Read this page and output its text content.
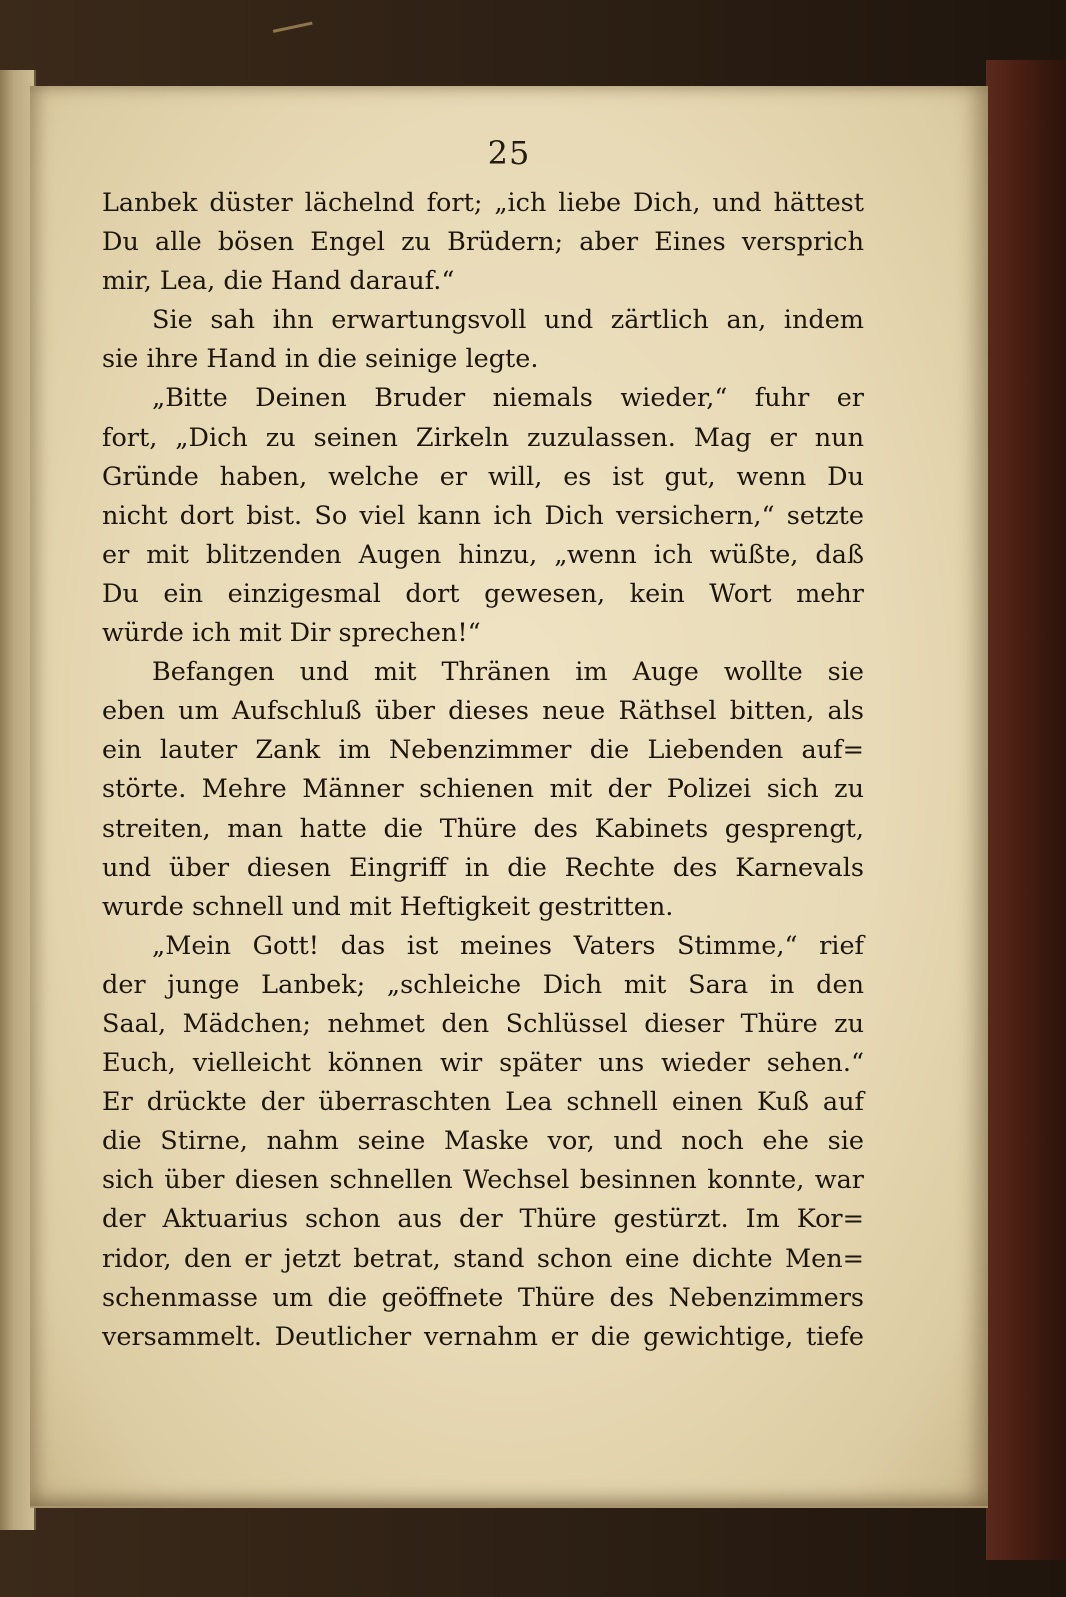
25
Lanbek düster lächelnd fort; „ich liebe Dich, und hättest
Du alle bösen Engel zu Brüdern; aber Eines versprich
mir, Lea, die Hand darauf.“
Sie sah ihn erwartungsvoll und zärtlich an, indem
sie ihre Hand in die seinige legte.
„Bitte Deinen Bruder niemals wieder,“ fuhr er
fort, „Dich zu seinen Zirkeln zuzulassen. Mag er nun
Gründe haben, welche er will, es ist gut, wenn Du
nicht dort bist. So viel kann ich Dich versichern,“ setzte
er mit blitzenden Augen hinzu, „wenn ich wüßte, daß
Du ein einzigesmal dort gewesen, kein Wort mehr
würde ich mit Dir sprechen!“
Befangen und mit Thränen im Auge wollte sie
eben um Aufschluß über dieses neue Räthsel bitten, als
ein lauter Zank im Nebenzimmer die Liebenden auf=
störte. Mehre Männer schienen mit der Polizei sich zu
streiten, man hatte die Thüre des Kabinets gesprengt,
und über diesen Eingriff in die Rechte des Karnevals
wurde schnell und mit Heftigkeit gestritten.
„Mein Gott! das ist meines Vaters Stimme,“ rief
der junge Lanbek; „schleiche Dich mit Sara in den
Saal, Mädchen; nehmet den Schlüssel dieser Thüre zu
Euch, vielleicht können wir später uns wieder sehen.“
Er drückte der überraschten Lea schnell einen Kuß auf
die Stirne, nahm seine Maske vor, und noch ehe sie
sich über diesen schnellen Wechsel besinnen konnte, war
der Aktuarius schon aus der Thüre gestürzt. Im Kor=
ridor, den er jetzt betrat, stand schon eine dichte Men=
schenmasse um die geöffnete Thüre des Nebenzimmers
versammelt. Deutlicher vernahm er die gewichtige, tiefe
